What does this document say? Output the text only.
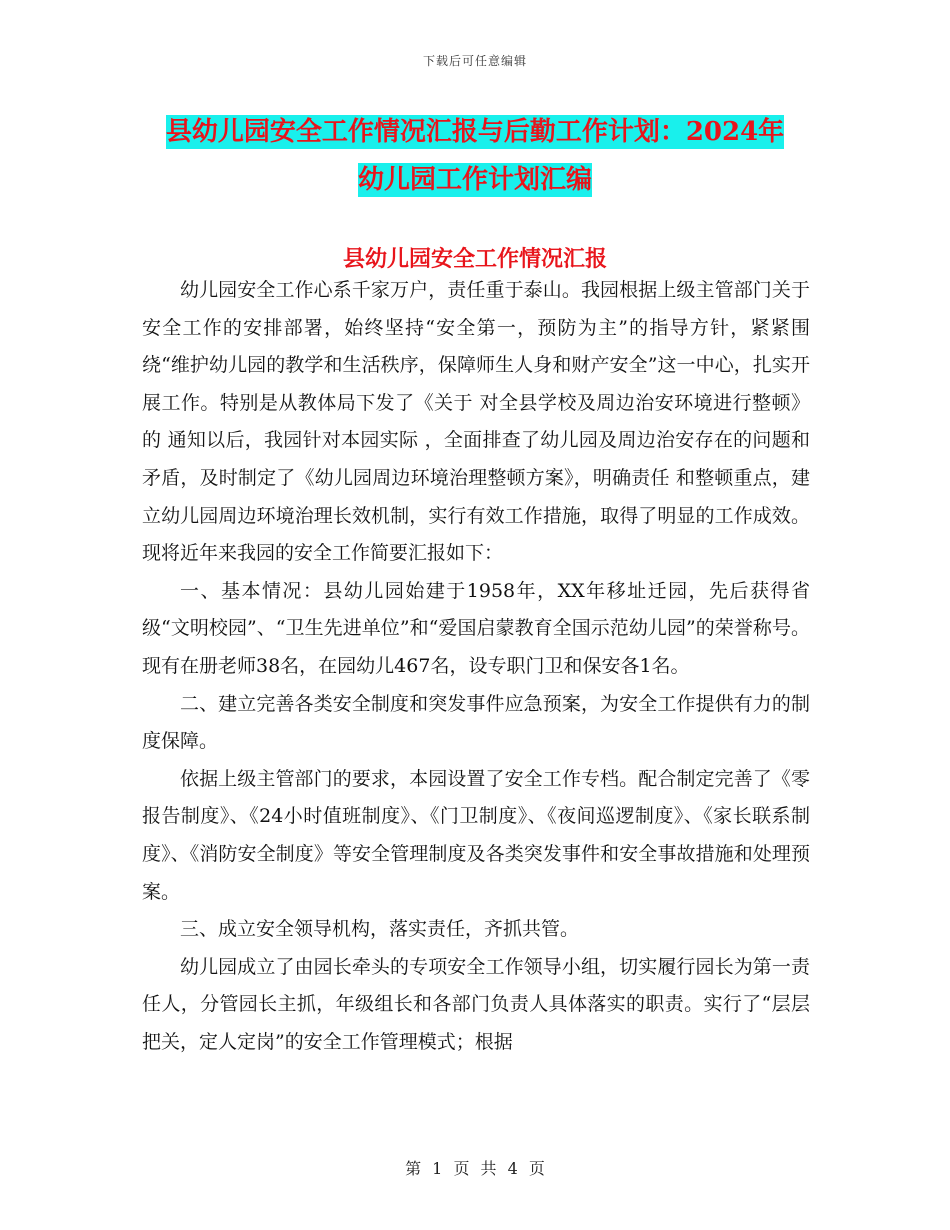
下载后可任意编辑
县幼儿园安全工作情况汇报与后勤工作计划：2024年
幼儿园工作计划汇编
县幼儿园安全工作情况汇报

幼儿园安全工作心系千家万户，责任重于泰山。我园根据上级主管部门关于安全工作的安排部署，始终坚持“安全第一，预防为主”的指导方针，紧紧围绕“维护幼儿园的教学和生活秩序，保障师生人身和财产安全”这一中心，扎实开展工作。特别是从教体局下发了《关于 对全县学校及周边治安环境进行整顿》的 通知以后，我园针对本园实际 ，全面排查了幼儿园及周边治安存在的问题和矛盾，及时制定了《幼儿园周边环境治理整顿方案》，明确责任 和整顿重点，建立幼儿园周边环境治理长效机制，实行有效工作措施，取得了明显的工作成效。现将近年来我园的安全工作简要汇报如下：

一、基本情况：县幼儿园始建于1958年，XX年移址迁园，先后获得省级“文明校园”、“卫生先进单位”和“爱国启蒙教育全国示范幼儿园”的荣誉称号。现有在册老师38名，在园幼儿467名，设专职门卫和保安各1名。

二、建立完善各类安全制度和突发事件应急预案，为安全工作提供有力的制度保障。

依据上级主管部门的要求，本园设置了安全工作专档。配合制定完善了《零报告制度》、《24小时值班制度》、《门卫制度》、《夜间巡逻制度》、《家长联系制度》、《消防安全制度》等安全管理制度及各类突发事件和安全事故措施和处理预案。

三、成立安全领导机构，落实责任，齐抓共管。

幼儿园成立了由园长牵头的专项安全工作领导小组，切实履行园长为第一责任人，分管园长主抓，年级组长和各部门负责人具体落实的职责。实行了“层层把关，定人定岗”的安全工作管理模式；根据

第 1 页 共 4 页
